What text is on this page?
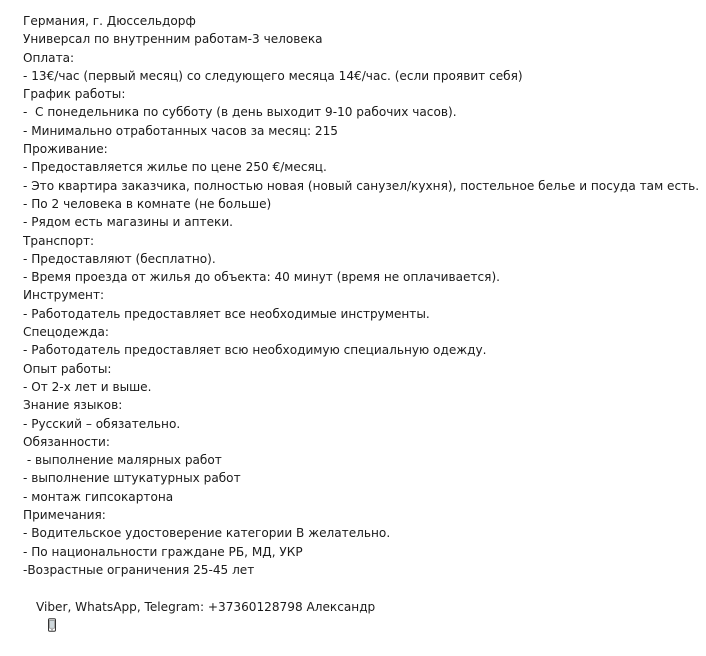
Германия, г. Дюссельдорф
Универсал по внутренним работам-3 человека
Оплата:
- 13€/час (первый месяц) со следующего месяца 14€/час. (если проявит себя)
График работы:
-  С понедельника по субботу (в день выходит 9-10 рабочих часов).
- Минимально отработанных часов за месяц: 215
Проживание:
- Предоставляется жилье по цене 250 €/месяц.
- Это квартира заказчика, полностью новая (новый санузел/кухня), постельное белье и посуда там есть.
- По 2 человека в комнате (не больше)
- Рядом есть магазины и аптеки.
Транспорт:
- Предоставляют (бесплатно).
- Время проезда от жилья до объекта: 40 минут (время не оплачивается).
Инструмент:
- Работодатель предоставляет все необходимые инструменты.
Спецодежда:
- Работодатель предоставляет всю необходимую специальную одежду.
Опыт работы:
- От 2-х лет и выше.
Знание языков:
- Русский – обязательно.
Обязанности:
- выполнение малярных работ
- выполнение штукатурных работ
- монтаж гипсокартона
Примечания:
- Водительское удостоверение категории В желательно.
- По национальности граждане РБ, МД, УКР
-Возрастные ограничения 25-45 лет

Viber, WhatsApp, Telegram: +37360128798 Александр
